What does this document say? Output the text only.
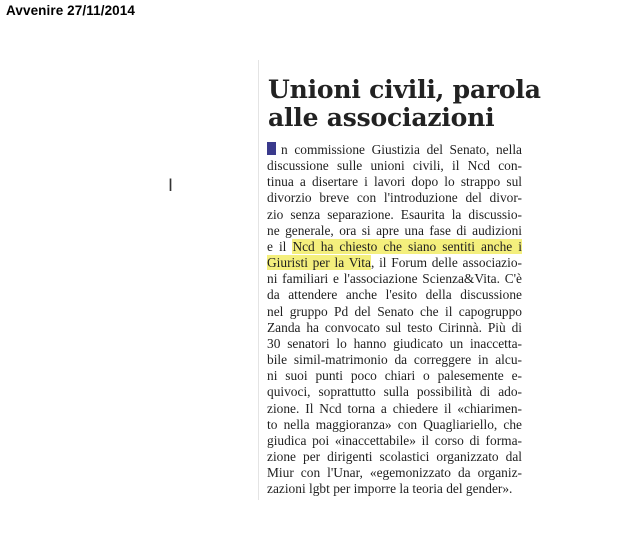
Avvenire 27/11/2014
I
Unioni civili, parola
alle associazioni
n commissione Giustizia del Senato, nella
discussione sulle unioni civili, il Ncd con-
tinua a disertare i lavori dopo lo strappo sul
divorzio breve con l'introduzione del divor-
zio senza separazione. Esaurita la discussio-
ne generale, ora si apre una fase di audizioni
e il Ncd ha chiesto che siano sentiti anche i
Giuristi per la Vita, il Forum delle associazio-
ni familiari e l'associazione Scienza&Vita. C'è
da attendere anche l'esito della discussione
nel gruppo Pd del Senato che il capogruppo
Zanda ha convocato sul testo Cirinnà. Più di
30 senatori lo hanno giudicato un inaccetta-
bile simil-matrimonio da correggere in alcu-
ni suoi punti poco chiari o palesemente e-
quivoci, soprattutto sulla possibilità di ado-
zione. Il Ncd torna a chiedere il «chiarimen-
to nella maggioranza» con Quagliariello, che
giudica poi «inaccettabile» il corso di forma-
zione per dirigenti scolastici organizzato dal
Miur con l'Unar, «egemonizzato da organiz-
zazioni lgbt per imporre la teoria del gender».
